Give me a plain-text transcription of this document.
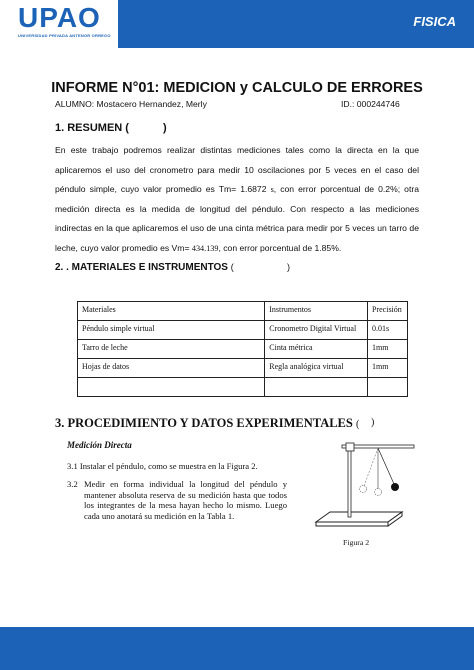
UPAO
UNIVERSIDAD PRIVADA ANTENOR ORREGO
FISICA
INFORME N°01: MEDICION y CALCULO DE ERRORES
ALUMNO: Mostacero Hernandez, Merly	ID.: 000244746
1. RESUMEN (	)
En este trabajo podremos realizar distintas mediciones tales como la directa en la que aplicaremos el uso del cronometro para medir 10 oscilaciones por 5 veces en el caso del péndulo simple, cuyo valor promedio es Tm= 1.6872 s, con error porcentual de 0.2%; otra medición directa es la medida de longitud del péndulo. Con respecto a las mediciones indirectas en la que aplicaremos el uso de una cinta métrica para medir por 5 veces un tarro de leche, cuyo valor promedio es Vm= 434.139, con error porcentual de 1.85%.
2. . MATERIALES E INSTRUMENTOS (	)
Materiales	Instrumentos	Precisión
Péndulo simple virtual	Cronometro Digital Virtual	0.01s
Tarro de leche	Cinta métrica	1mm
Hojas de datos	Regla analógica virtual	1mm

3. PROCEDIMIENTO Y DATOS EXPERIMENTALES ( )
Medición Directa
3.1 Instalar el péndulo, como se muestra en la Figura 2.
3.2 Medir en forma individual la longitud del péndulo y mantener absoluta reserva de su medición hasta que todos los integrantes de la mesa hayan hecho lo mismo. Luego cada uno anotará su medición en la Tabla 1.
Figura 2
